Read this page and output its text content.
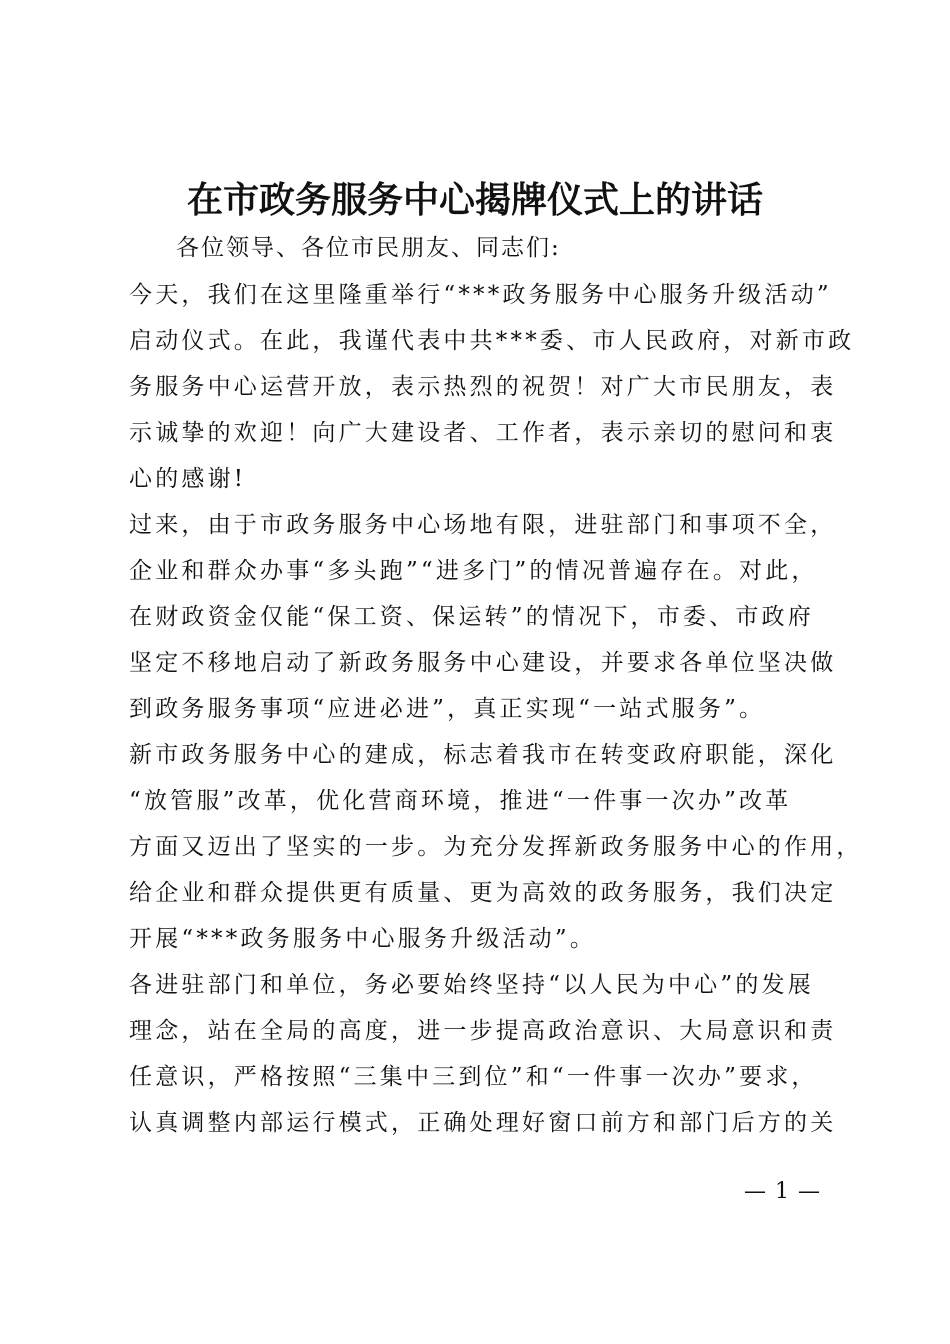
在市政务服务中心揭牌仪式上的讲话
各位领导、各位市民朋友、同志们:
今天，我们在这里隆重举行“***政务服务中心服务升级活动”
启动仪式。在此，我谨代表中共***委、市人民政府，对新市政
务服务中心运营开放，表示热烈的祝贺！对广大市民朋友，表
示诚挚的欢迎！向广大建设者、工作者，表示亲切的慰问和衷
心的感谢!
过来，由于市政务服务中心场地有限，进驻部门和事项不全，
企业和群众办事“多头跑”“进多门”的情况普遍存在。对此，
在财政资金仅能“保工资、保运转”的情况下，市委、市政府
坚定不移地启动了新政务服务中心建设，并要求各单位坚决做
到政务服务事项“应进必进”，真正实现“一站式服务”。
新市政务服务中心的建成，标志着我市在转变政府职能，深化
“放管服”改革，优化营商环境，推进“一件事一次办”改革
方面又迈出了坚实的一步。为充分发挥新政务服务中心的作用，
给企业和群众提供更有质量、更为高效的政务服务，我们决定
开展“***政务服务中心服务升级活动”。
各进驻部门和单位，务必要始终坚持“以人民为中心”的发展
理念，站在全局的高度，进一步提高政治意识、大局意识和责
任意识，严格按照“三集中三到位”和“一件事一次办”要求，
认真调整内部运行模式，正确处理好窗口前方和部门后方的关
— 1 —
